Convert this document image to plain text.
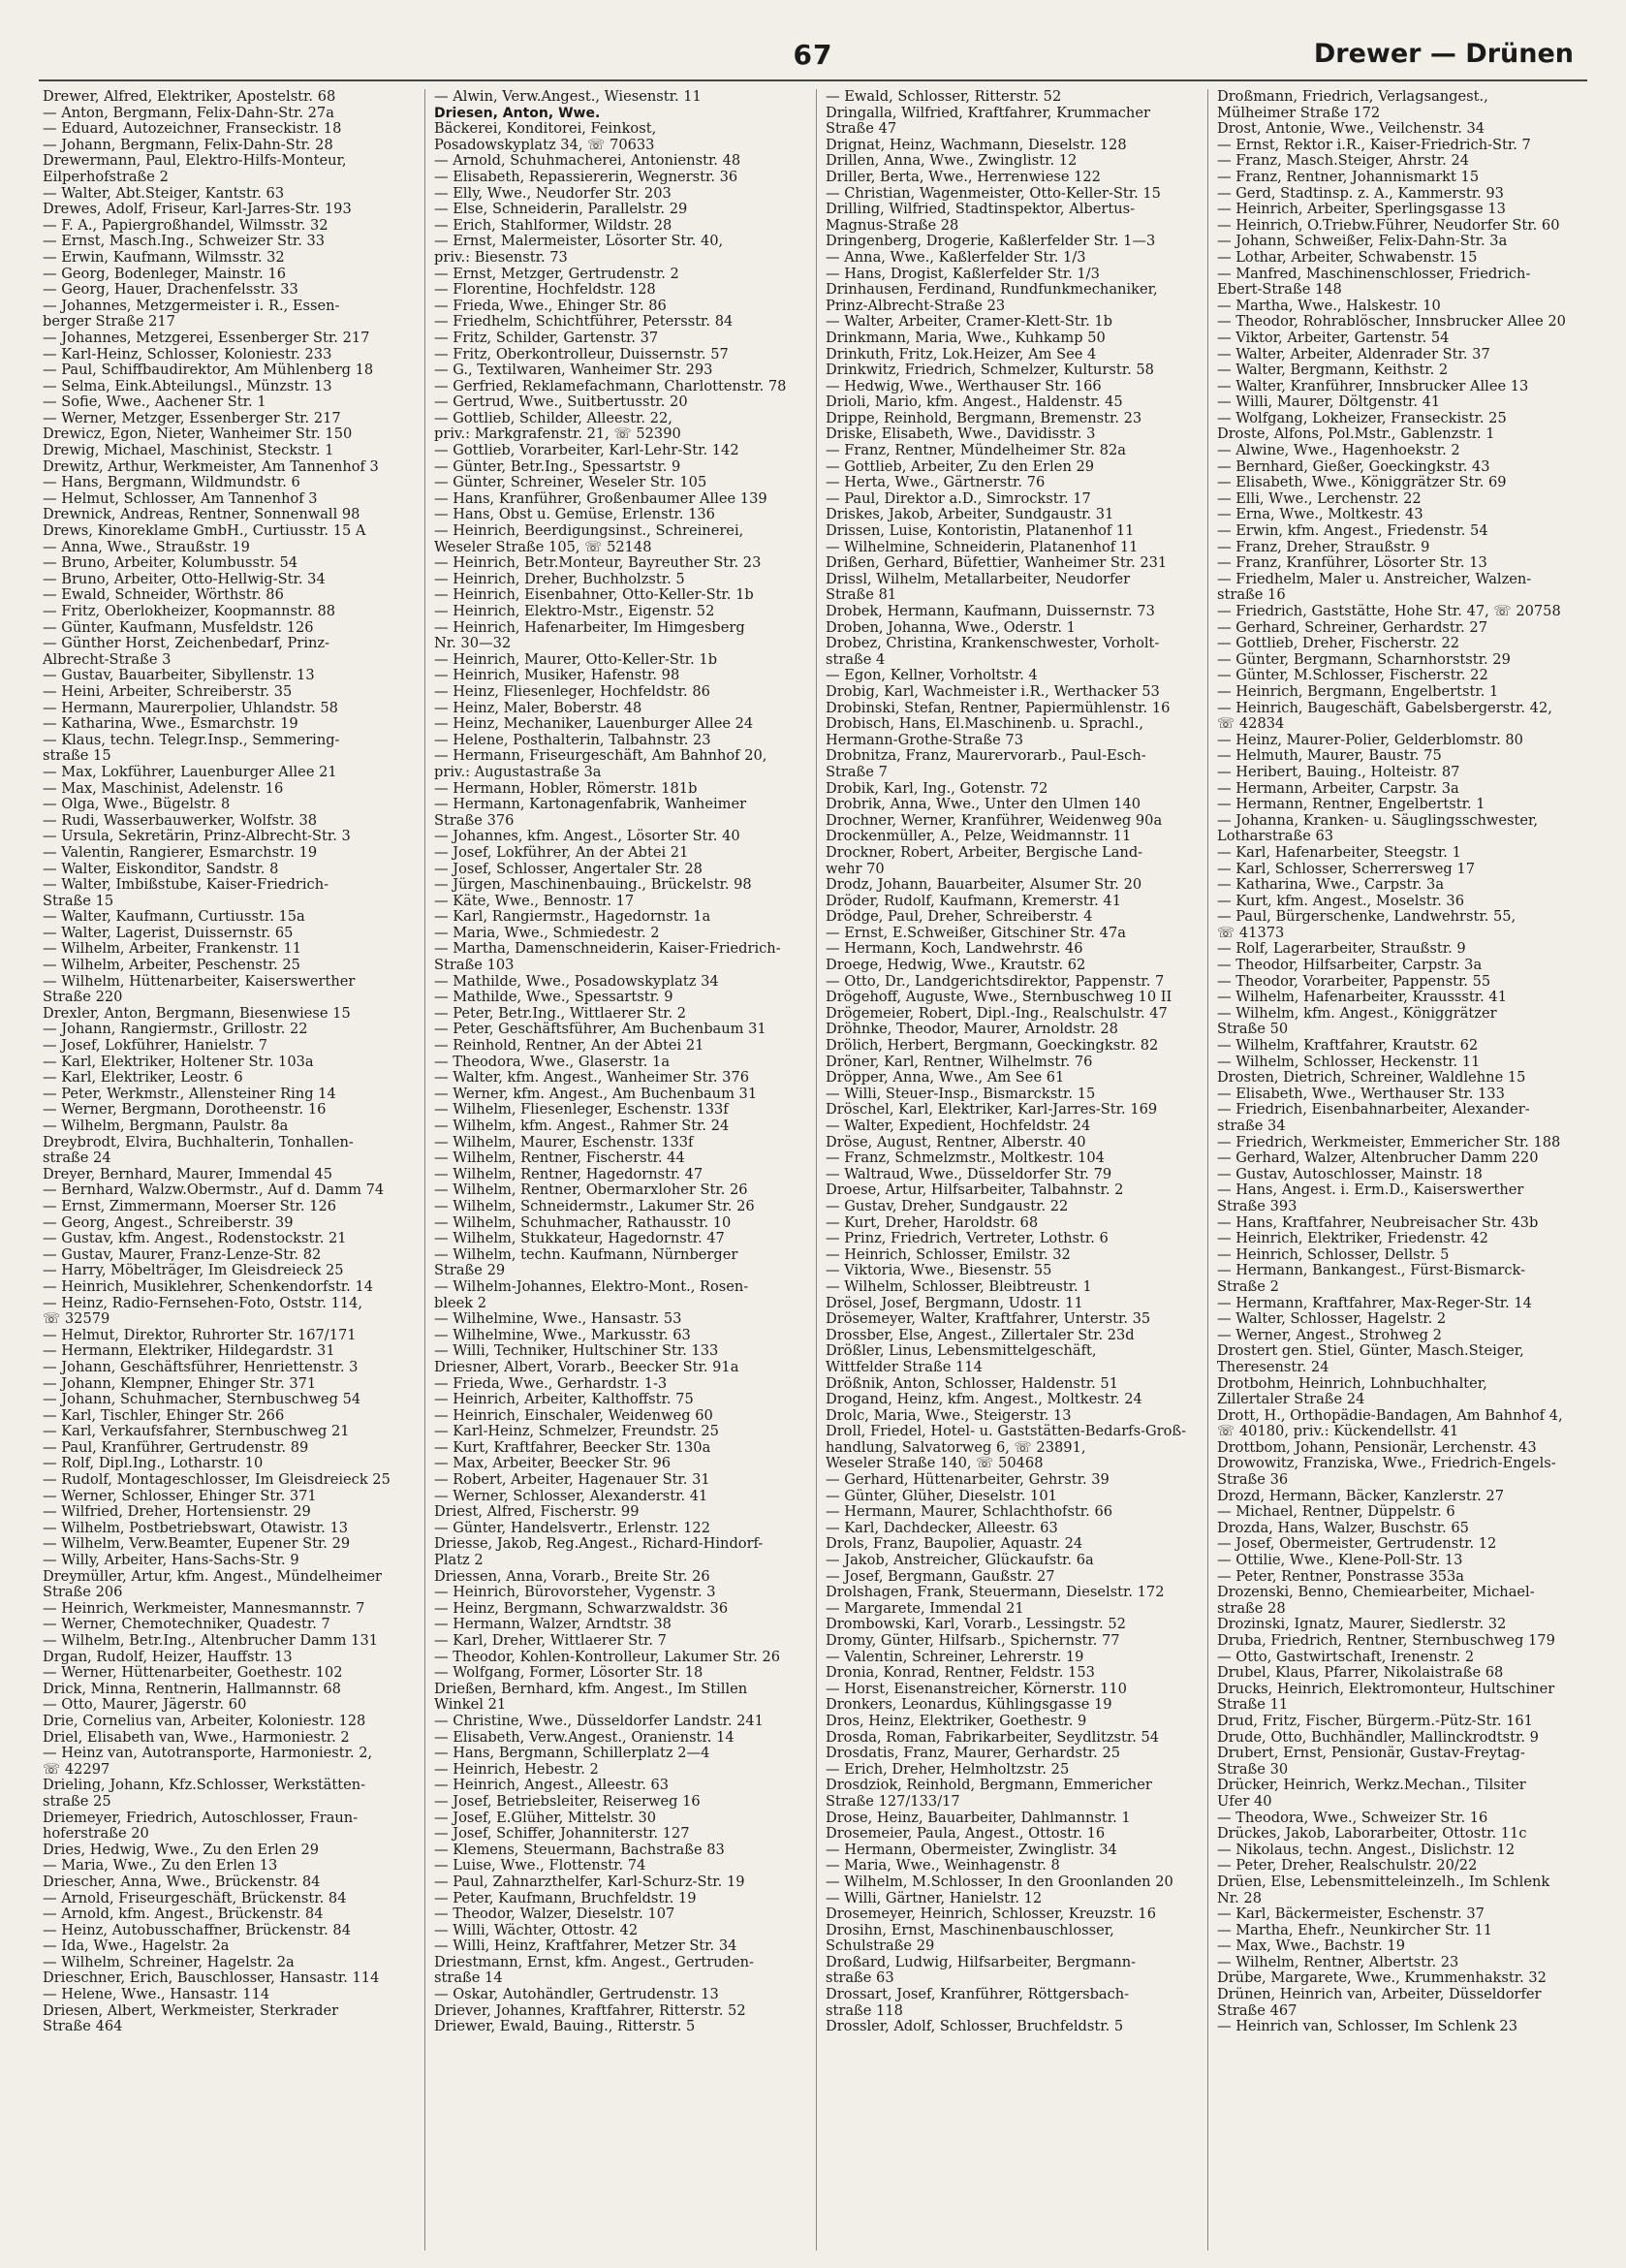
67	Drewer — Drünen
Drewer, Alfred, Elektriker, Apostelstr. 68
— Anton, Bergmann, Felix-Dahn-Str. 27a
— Eduard, Autozeichner, Franseckistr. 18
— Johann, Bergmann, Felix-Dahn-Str. 28
Drewermann, Paul, Elektro-Hilfs-Monteur,
Eilperhofstraße 2
— Walter, Abt.Steiger, Kantstr. 63
Drewes, Adolf, Friseur, Karl-Jarres-Str. 193
— F. A., Papiergroßhandel, Wilmsstr. 32
— Ernst, Masch.Ing., Schweizer Str. 33
— Erwin, Kaufmann, Wilmsstr. 32
— Georg, Bodenleger, Mainstr. 16
— Georg, Hauer, Drachenfelsstr. 33
— Johannes, Metzgermeister i. R., Essen-
berger Straße 217
— Johannes, Metzgerei, Essenberger Str. 217
— Karl-Heinz, Schlosser, Koloniestr. 233
— Paul, Schiffbaudirektor, Am Mühlenberg 18
— Selma, Eink.Abteilungsl., Münzstr. 13
— Sofie, Wwe., Aachener Str. 1
— Werner, Metzger, Essenberger Str. 217
Drewicz, Egon, Nieter, Wanheimer Str. 150
Drewig, Michael, Maschinist, Steckstr. 1
Drewitz, Arthur, Werkmeister, Am Tannenhof 3
— Hans, Bergmann, Wildmundstr. 6
— Helmut, Schlosser, Am Tannenhof 3
Drewnick, Andreas, Rentner, Sonnenwall 98
Drews, Kinoreklame GmbH., Curtiusstr. 15 A
— Anna, Wwe., Straußstr. 19
— Bruno, Arbeiter, Kolumbusstr. 54
— Bruno, Arbeiter, Otto-Hellwig-Str. 34
— Ewald, Schneider, Wörthstr. 86
— Fritz, Oberlokheizer, Koopmannstr. 88
— Günter, Kaufmann, Musfeldstr. 126
— Günther Horst, Zeichenbedarf, Prinz-
Albrecht-Straße 3
— Gustav, Bauarbeiter, Sibyllenstr. 13
— Heini, Arbeiter, Schreiberstr. 35
— Hermann, Maurerpolier, Uhlandstr. 58
— Katharina, Wwe., Esmarchstr. 19
— Klaus, techn. Telegr.Insp., Semmering-
straße 15
— Max, Lokführer, Lauenburger Allee 21
— Max, Maschinist, Adelenstr. 16
— Olga, Wwe., Bügelstr. 8
— Rudi, Wasserbauwerker, Wolfstr. 38
— Ursula, Sekretärin, Prinz-Albrecht-Str. 3
— Valentin, Rangierer, Esmarchstr. 19
— Walter, Eiskonditor, Sandstr. 8
— Walter, Imbißstube, Kaiser-Friedrich-
Straße 15
— Walter, Kaufmann, Curtiusstr. 15a
— Walter, Lagerist, Duissernstr. 65
— Wilhelm, Arbeiter, Frankenstr. 11
— Wilhelm, Arbeiter, Peschenstr. 25
— Wilhelm, Hüttenarbeiter, Kaiserswerther
Straße 220
Drexler, Anton, Bergmann, Biesenwiese 15
— Johann, Rangiermstr., Grillostr. 22
— Josef, Lokführer, Hanielstr. 7
— Karl, Elektriker, Holtener Str. 103a
— Karl, Elektriker, Leostr. 6
— Peter, Werkmstr., Allensteiner Ring 14
— Werner, Bergmann, Dorotheenstr. 16
— Wilhelm, Bergmann, Paulstr. 8a
Dreybrodt, Elvira, Buchhalterin, Tonhallen-
straße 24
Dreyer, Bernhard, Maurer, Immendal 45
— Bernhard, Walzw.Obermstr., Auf d. Damm 74
— Ernst, Zimmermann, Moerser Str. 126
— Georg, Angest., Schreiberstr. 39
— Gustav, kfm. Angest., Rodenstockstr. 21
— Gustav, Maurer, Franz-Lenze-Str. 82
— Harry, Möbelträger, Im Gleisdreieck 25
— Heinrich, Musiklehrer, Schenkendorfstr. 14
— Heinz, Radio-Fernsehen-Foto, Oststr. 114,
☏ 32579
— Helmut, Direktor, Ruhrorter Str. 167/171
— Hermann, Elektriker, Hildegardstr. 31
— Johann, Geschäftsführer, Henriettenstr. 3
— Johann, Klempner, Ehinger Str. 371
— Johann, Schuhmacher, Sternbuschweg 54
— Karl, Tischler, Ehinger Str. 266
— Karl, Verkaufsfahrer, Sternbuschweg 21
— Paul, Kranführer, Gertrudenstr. 89
— Rolf, Dipl.Ing., Lotharstr. 10
— Rudolf, Montageschlosser, Im Gleisdreieck 25
— Werner, Schlosser, Ehinger Str. 371
— Wilfried, Dreher, Hortensienstr. 29
— Wilhelm, Postbetriebswart, Otawistr. 13
— Wilhelm, Verw.Beamter, Eupener Str. 29
— Willy, Arbeiter, Hans-Sachs-Str. 9
Dreymüller, Artur, kfm. Angest., Mündelheimer
Straße 206
— Heinrich, Werkmeister, Mannesmannstr. 7
— Werner, Chemotechniker, Quadestr. 7
— Wilhelm, Betr.Ing., Altenbrucher Damm 131
Drgan, Rudolf, Heizer, Hauffstr. 13
— Werner, Hüttenarbeiter, Goethestr. 102
Drick, Minna, Rentnerin, Hallmannstr. 68
— Otto, Maurer, Jägerstr. 60
Drie, Cornelius van, Arbeiter, Koloniestr. 128
Driel, Elisabeth van, Wwe., Harmoniestr. 2
— Heinz van, Autotransporte, Harmoniestr. 2,
☏ 42297
Drieling, Johann, Kfz.Schlosser, Werkstätten-
straße 25
Driemeyer, Friedrich, Autoschlosser, Fraun-
hoferstraße 20
Dries, Hedwig, Wwe., Zu den Erlen 29
— Maria, Wwe., Zu den Erlen 13
Driescher, Anna, Wwe., Brückenstr. 84
— Arnold, Friseurgeschäft, Brückenstr. 84
— Arnold, kfm. Angest., Brückenstr. 84
— Heinz, Autobusschaffner, Brückenstr. 84
— Ida, Wwe., Hagelstr. 2a
— Wilhelm, Schreiner, Hagelstr. 2a
Drieschner, Erich, Bauschlosser, Hansastr. 114
— Helene, Wwe., Hansastr. 114
Driesen, Albert, Werkmeister, Sterkrader
Straße 464
— Alwin, Verw.Angest., Wiesenstr. 11
Driesen, Anton, Wwe.
Bäckerei, Konditorei, Feinkost,
Posadowskyplatz 34, ☏ 70633
— Arnold, Schuhmacherei, Antonienstr. 48
— Elisabeth, Repassiererin, Wegnerstr. 36
— Elly, Wwe., Neudorfer Str. 203
— Else, Schneiderin, Parallelstr. 29
— Erich, Stahlformer, Wildstr. 28
— Ernst, Malermeister, Lösorter Str. 40,
priv.: Biesenstr. 73
— Ernst, Metzger, Gertrudenstr. 2
— Florentine, Hochfeldstr. 128
— Frieda, Wwe., Ehinger Str. 86
— Friedhelm, Schichtführer, Petersstr. 84
— Fritz, Schilder, Gartenstr. 37
— Fritz, Oberkontrolleur, Duissernstr. 57
— G., Textilwaren, Wanheimer Str. 293
— Gerfried, Reklamefachmann, Charlottenstr. 78
— Gertrud, Wwe., Suitbertusstr. 20
— Gottlieb, Schilder, Alleestr. 22,
priv.: Markgrafenstr. 21, ☏ 52390
— Gottlieb, Vorarbeiter, Karl-Lehr-Str. 142
— Günter, Betr.Ing., Spessartstr. 9
— Günter, Schreiner, Weseler Str. 105
— Hans, Kranführer, Großenbaumer Allee 139
— Hans, Obst u. Gemüse, Erlenstr. 136
— Heinrich, Beerdigungsinst., Schreinerei,
Weseler Straße 105, ☏ 52148
— Heinrich, Betr.Monteur, Bayreuther Str. 23
— Heinrich, Dreher, Buchholzstr. 5
— Heinrich, Eisenbahner, Otto-Keller-Str. 1b
— Heinrich, Elektro-Mstr., Eigenstr. 52
— Heinrich, Hafenarbeiter, Im Himgesberg
Nr. 30—32
— Heinrich, Maurer, Otto-Keller-Str. 1b
— Heinrich, Musiker, Hafenstr. 98
— Heinz, Fliesenleger, Hochfeldstr. 86
— Heinz, Maler, Boberstr. 48
— Heinz, Mechaniker, Lauenburger Allee 24
— Helene, Posthalterin, Talbahnstr. 23
— Hermann, Friseurgeschäft, Am Bahnhof 20,
priv.: Augustastraße 3a
— Hermann, Hobler, Römerstr. 181b
— Hermann, Kartonagenfabrik, Wanheimer
Straße 376
— Johannes, kfm. Angest., Lösorter Str. 40
— Josef, Lokführer, An der Abtei 21
— Josef, Schlosser, Angertaler Str. 28
— Jürgen, Maschinenbauing., Brückelstr. 98
— Käte, Wwe., Bennostr. 17
— Karl, Rangiermstr., Hagedornstr. 1a
— Maria, Wwe., Schmiedestr. 2
— Martha, Damenschneiderin, Kaiser-Friedrich-
Straße 103
— Mathilde, Wwe., Posadowskyplatz 34
— Mathilde, Wwe., Spessartstr. 9
— Peter, Betr.Ing., Wittlaerer Str. 2
— Peter, Geschäftsführer, Am Buchenbaum 31
— Reinhold, Rentner, An der Abtei 21
— Theodora, Wwe., Glaserstr. 1a
— Walter, kfm. Angest., Wanheimer Str. 376
— Werner, kfm. Angest., Am Buchenbaum 31
— Wilhelm, Fliesenleger, Eschenstr. 133f
— Wilhelm, kfm. Angest., Rahmer Str. 24
— Wilhelm, Maurer, Eschenstr. 133f
— Wilhelm, Rentner, Fischerstr. 44
— Wilhelm, Rentner, Hagedornstr. 47
— Wilhelm, Rentner, Obermarxloher Str. 26
— Wilhelm, Schneidermstr., Lakumer Str. 26
— Wilhelm, Schuhmacher, Rathausstr. 10
— Wilhelm, Stukkateur, Hagedornstr. 47
— Wilhelm, techn. Kaufmann, Nürnberger
Straße 29
— Wilhelm-Johannes, Elektro-Mont., Rosen-
bleek 2
— Wilhelmine, Wwe., Hansastr. 53
— Wilhelmine, Wwe., Markusstr. 63
— Willi, Techniker, Hultschiner Str. 133
Driesner, Albert, Vorarb., Beecker Str. 91a
— Frieda, Wwe., Gerhardstr. 1-3
— Heinrich, Arbeiter, Kalthoffstr. 75
— Heinrich, Einschaler, Weidenweg 60
— Karl-Heinz, Schmelzer, Freundstr. 25
— Kurt, Kraftfahrer, Beecker Str. 130a
— Max, Arbeiter, Beecker Str. 96
— Robert, Arbeiter, Hagenauer Str. 31
— Werner, Schlosser, Alexanderstr. 41
Driest, Alfred, Fischerstr. 99
— Günter, Handelsvertr., Erlenstr. 122
Driesse, Jakob, Reg.Angest., Richard-Hindorf-
Platz 2
Driessen, Anna, Vorarb., Breite Str. 26
— Heinrich, Bürovorsteher, Vygenstr. 3
— Heinz, Bergmann, Schwarzwaldstr. 36
— Hermann, Walzer, Arndtstr. 38
— Karl, Dreher, Wittlaerer Str. 7
— Theodor, Kohlen-Kontrolleur, Lakumer Str. 26
— Wolfgang, Former, Lösorter Str. 18
Drießen, Bernhard, kfm. Angest., Im Stillen
Winkel 21
— Christine, Wwe., Düsseldorfer Landstr. 241
— Elisabeth, Verw.Angest., Oranienstr. 14
— Hans, Bergmann, Schillerplatz 2—4
— Heinrich, Hebestr. 2
— Heinrich, Angest., Alleestr. 63
— Josef, Betriebsleiter, Reiserweg 16
— Josef, E.Glüher, Mittelstr. 30
— Josef, Schiffer, Johanniterstr. 127
— Klemens, Steuermann, Bachstraße 83
— Luise, Wwe., Flottenstr. 74
— Paul, Zahnarzthelfer, Karl-Schurz-Str. 19
— Peter, Kaufmann, Bruchfeldstr. 19
— Theodor, Walzer, Dieselstr. 107
— Willi, Wächter, Ottostr. 42
— Willi, Heinz, Kraftfahrer, Metzer Str. 34
Driestmann, Ernst, kfm. Angest., Gertruden-
straße 14
— Oskar, Autohändler, Gertrudenstr. 13
Driever, Johannes, Kraftfahrer, Ritterstr. 52
Driewer, Ewald, Bauing., Ritterstr. 5
— Ewald, Schlosser, Ritterstr. 52
Dringalla, Wilfried, Kraftfahrer, Krummacher
Straße 47
Drignat, Heinz, Wachmann, Dieselstr. 128
Drillen, Anna, Wwe., Zwinglistr. 12
Driller, Berta, Wwe., Herrenwiese 122
— Christian, Wagenmeister, Otto-Keller-Str. 15
Drilling, Wilfried, Stadtinspektor, Albertus-
Magnus-Straße 28
Dringenberg, Drogerie, Kaßlerfelder Str. 1—3
— Anna, Wwe., Kaßlerfelder Str. 1/3
— Hans, Drogist, Kaßlerfelder Str. 1/3
Drinhausen, Ferdinand, Rundfunkmechaniker,
Prinz-Albrecht-Straße 23
— Walter, Arbeiter, Cramer-Klett-Str. 1b
Drinkmann, Maria, Wwe., Kuhkamp 50
Drinkuth, Fritz, Lok.Heizer, Am See 4
Drinkwitz, Friedrich, Schmelzer, Kulturstr. 58
— Hedwig, Wwe., Werthauser Str. 166
Drioli, Mario, kfm. Angest., Haldenstr. 45
Drippe, Reinhold, Bergmann, Bremenstr. 23
Driske, Elisabeth, Wwe., Davidisstr. 3
— Franz, Rentner, Mündelheimer Str. 82a
— Gottlieb, Arbeiter, Zu den Erlen 29
— Herta, Wwe., Gärtnerstr. 76
— Paul, Direktor a.D., Simrockstr. 17
Driskes, Jakob, Arbeiter, Sundgaustr. 31
Drissen, Luise, Kontoristin, Platanenhof 11
— Wilhelmine, Schneiderin, Platanenhof 11
Drißen, Gerhard, Büfettier, Wanheimer Str. 231
Drissl, Wilhelm, Metallarbeiter, Neudorfer
Straße 81
Drobek, Hermann, Kaufmann, Duissernstr. 73
Droben, Johanna, Wwe., Oderstr. 1
Drobez, Christina, Krankenschwester, Vorholt-
straße 4
— Egon, Kellner, Vorholtstr. 4
Drobig, Karl, Wachmeister i.R., Werthacker 53
Drobinski, Stefan, Rentner, Papiermühlenstr. 16
Drobisch, Hans, El.Maschinenb. u. Sprachl.,
Hermann-Grothe-Straße 73
Drobnitza, Franz, Maurervorarb., Paul-Esch-
Straße 7
Drobik, Karl, Ing., Gotenstr. 72
Drobrik, Anna, Wwe., Unter den Ulmen 140
Drochner, Werner, Kranführer, Weidenweg 90a
Drockenmüller, A., Pelze, Weidmannstr. 11
Drockner, Robert, Arbeiter, Bergische Land-
wehr 70
Drodz, Johann, Bauarbeiter, Alsumer Str. 20
Dröder, Rudolf, Kaufmann, Kremerstr. 41
Drödge, Paul, Dreher, Schreiberstr. 4
— Ernst, E.Schweißer, Gitschiner Str. 47a
— Hermann, Koch, Landwehrstr. 46
Droege, Hedwig, Wwe., Krautstr. 62
— Otto, Dr., Landgerichtsdirektor, Pappenstr. 7
Drögehoff, Auguste, Wwe., Sternbuschweg 10 II
Drögemeier, Robert, Dipl.-Ing., Realschulstr. 47
Dröhnke, Theodor, Maurer, Arnoldstr. 28
Drölich, Herbert, Bergmann, Goeckingkstr. 82
Dröner, Karl, Rentner, Wilhelmstr. 76
Dröpper, Anna, Wwe., Am See 61
— Willi, Steuer-Insp., Bismarckstr. 15
Dröschel, Karl, Elektriker, Karl-Jarres-Str. 169
— Walter, Expedient, Hochfeldstr. 24
Dröse, August, Rentner, Alberstr. 40
— Franz, Schmelzmstr., Moltkestr. 104
— Waltraud, Wwe., Düsseldorfer Str. 79
Droese, Artur, Hilfsarbeiter, Talbahnstr. 2
— Gustav, Dreher, Sundgaustr. 22
— Kurt, Dreher, Haroldstr. 68
— Prinz, Friedrich, Vertreter, Lothstr. 6
— Heinrich, Schlosser, Emilstr. 32
— Viktoria, Wwe., Biesenstr. 55
— Wilhelm, Schlosser, Bleibtreustr. 1
Drösel, Josef, Bergmann, Udostr. 11
Drösemeyer, Walter, Kraftfahrer, Unterstr. 35
Drossber, Else, Angest., Zillertaler Str. 23d
Drößler, Linus, Lebensmittelgeschäft,
Wittfelder Straße 114
Drößnik, Anton, Schlosser, Haldenstr. 51
Drogand, Heinz, kfm. Angest., Moltkestr. 24
Drolc, Maria, Wwe., Steigerstr. 13
Droll, Friedel, Hotel- u. Gaststätten-Bedarfs-Groß-
handlung, Salvatorweg 6, ☏ 23891,
Weseler Straße 140, ☏ 50468
— Gerhard, Hüttenarbeiter, Gehrstr. 39
— Günter, Glüher, Dieselstr. 101
— Hermann, Maurer, Schlachthofstr. 66
— Karl, Dachdecker, Alleestr. 63
Drols, Franz, Baupolier, Aquastr. 24
— Jakob, Anstreicher, Glückaufstr. 6a
— Josef, Bergmann, Gaußstr. 27
Drolshagen, Frank, Steuermann, Dieselstr. 172
— Margarete, Immendal 21
Drombowski, Karl, Vorarb., Lessingstr. 52
Dromy, Günter, Hilfsarb., Spichernstr. 77
— Valentin, Schreiner, Lehrerstr. 19
Dronia, Konrad, Rentner, Feldstr. 153
— Horst, Eisenanstreicher, Körnerstr. 110
Dronkers, Leonardus, Kühlingsgasse 19
Dros, Heinz, Elektriker, Goethestr. 9
Drosda, Roman, Fabrikarbeiter, Seydlitzstr. 54
Drosdatis, Franz, Maurer, Gerhardstr. 25
— Erich, Dreher, Helmholtzstr. 25
Drosdziok, Reinhold, Bergmann, Emmericher
Straße 127/133/17
Drose, Heinz, Bauarbeiter, Dahlmannstr. 1
Drosemeier, Paula, Angest., Ottostr. 16
— Hermann, Obermeister, Zwinglistr. 34
— Maria, Wwe., Weinhagenstr. 8
— Wilhelm, M.Schlosser, In den Groonlanden 20
— Willi, Gärtner, Hanielstr. 12
Drosemeyer, Heinrich, Schlosser, Kreuzstr. 16
Drosihn, Ernst, Maschinenbauschlosser,
Schulstraße 29
Droßard, Ludwig, Hilfsarbeiter, Bergmann-
straße 63
Drossart, Josef, Kranführer, Röttgersbach-
straße 118
Drossler, Adolf, Schlosser, Bruchfeldstr. 5
Droßmann, Friedrich, Verlagsangest.,
Mülheimer Straße 172
Drost, Antonie, Wwe., Veilchenstr. 34
— Ernst, Rektor i.R., Kaiser-Friedrich-Str. 7
— Franz, Masch.Steiger, Ahrstr. 24
— Franz, Rentner, Johannismarkt 15
— Gerd, Stadtinsp. z. A., Kammerstr. 93
— Heinrich, Arbeiter, Sperlingsgasse 13
— Heinrich, O.Triebw.Führer, Neudorfer Str. 60
— Johann, Schweißer, Felix-Dahn-Str. 3a
— Lothar, Arbeiter, Schwabenstr. 15
— Manfred, Maschinenschlosser, Friedrich-
Ebert-Straße 148
— Martha, Wwe., Halskestr. 10
— Theodor, Rohrablöscher, Innsbrucker Allee 20
— Viktor, Arbeiter, Gartenstr. 54
— Walter, Arbeiter, Aldenrader Str. 37
— Walter, Bergmann, Keithstr. 2
— Walter, Kranführer, Innsbrucker Allee 13
— Willi, Maurer, Döltgenstr. 41
— Wolfgang, Lokheizer, Franseckistr. 25
Droste, Alfons, Pol.Mstr., Gablenzstr. 1
— Alwine, Wwe., Hagenhoekstr. 2
— Bernhard, Gießer, Goeckingkstr. 43
— Elisabeth, Wwe., Königgrätzer Str. 69
— Elli, Wwe., Lerchenstr. 22
— Erna, Wwe., Moltkestr. 43
— Erwin, kfm. Angest., Friedenstr. 54
— Franz, Dreher, Straußstr. 9
— Franz, Kranführer, Lösorter Str. 13
— Friedhelm, Maler u. Anstreicher, Walzen-
straße 16
— Friedrich, Gaststätte, Hohe Str. 47, ☏ 20758
— Gerhard, Schreiner, Gerhardstr. 27
— Gottlieb, Dreher, Fischerstr. 22
— Günter, Bergmann, Scharnhorststr. 29
— Günter, M.Schlosser, Fischerstr. 22
— Heinrich, Bergmann, Engelbertstr. 1
— Heinrich, Baugeschäft, Gabelsbergerstr. 42,
☏ 42834
— Heinz, Maurer-Polier, Gelderblomstr. 80
— Helmuth, Maurer, Baustr. 75
— Heribert, Bauing., Holteistr. 87
— Hermann, Arbeiter, Carpstr. 3a
— Hermann, Rentner, Engelbertstr. 1
— Johanna, Kranken- u. Säuglingsschwester,
Lotharstraße 63
— Karl, Hafenarbeiter, Steegstr. 1
— Karl, Schlosser, Scherrersweg 17
— Katharina, Wwe., Carpstr. 3a
— Kurt, kfm. Angest., Moselstr. 36
— Paul, Bürgerschenke, Landwehrstr. 55,
☏ 41373
— Rolf, Lagerarbeiter, Straußstr. 9
— Theodor, Hilfsarbeiter, Carpstr. 3a
— Theodor, Vorarbeiter, Pappenstr. 55
— Wilhelm, Hafenarbeiter, Kraussstr. 41
— Wilhelm, kfm. Angest., Königgrätzer
Straße 50
— Wilhelm, Kraftfahrer, Krautstr. 62
— Wilhelm, Schlosser, Heckenstr. 11
Drosten, Dietrich, Schreiner, Waldlehne 15
— Elisabeth, Wwe., Werthauser Str. 133
— Friedrich, Eisenbahnarbeiter, Alexander-
straße 34
— Friedrich, Werkmeister, Emmericher Str. 188
— Gerhard, Walzer, Altenbrucher Damm 220
— Gustav, Autoschlosser, Mainstr. 18
— Hans, Angest. i. Erm.D., Kaiserswerther
Straße 393
— Hans, Kraftfahrer, Neubreisacher Str. 43b
— Heinrich, Elektriker, Friedenstr. 42
— Heinrich, Schlosser, Dellstr. 5
— Hermann, Bankangest., Fürst-Bismarck-
Straße 2
— Hermann, Kraftfahrer, Max-Reger-Str. 14
— Walter, Schlosser, Hagelstr. 2
— Werner, Angest., Strohweg 2
Drostert gen. Stiel, Günter, Masch.Steiger,
Theresenstr. 24
Drotbohm, Heinrich, Lohnbuchhalter,
Zillertaler Straße 24
Drott, H., Orthopädie-Bandagen, Am Bahnhof 4,
☏ 40180, priv.: Kückendellstr. 41
Drottbom, Johann, Pensionär, Lerchenstr. 43
Drowowitz, Franziska, Wwe., Friedrich-Engels-
Straße 36
Drozd, Hermann, Bäcker, Kanzlerstr. 27
— Michael, Rentner, Düppelstr. 6
Drozda, Hans, Walzer, Buschstr. 65
— Josef, Obermeister, Gertrudenstr. 12
— Ottilie, Wwe., Klene-Poll-Str. 13
— Peter, Rentner, Ponstrasse 353a
Drozenski, Benno, Chemiearbeiter, Michael-
straße 28
Drozinski, Ignatz, Maurer, Siedlerstr. 32
Druba, Friedrich, Rentner, Sternbuschweg 179
— Otto, Gastwirtschaft, Irenenstr. 2
Drubel, Klaus, Pfarrer, Nikolaistraße 68
Drucks, Heinrich, Elektromonteur, Hultschiner
Straße 11
Drud, Fritz, Fischer, Bürgerm.-Pütz-Str. 161
Drude, Otto, Buchhändler, Mallinckrodtstr. 9
Drubert, Ernst, Pensionär, Gustav-Freytag-
Straße 30
Drücker, Heinrich, Werkz.Mechan., Tilsiter
Ufer 40
— Theodora, Wwe., Schweizer Str. 16
Drückes, Jakob, Laborarbeiter, Ottostr. 11c
— Nikolaus, techn. Angest., Dislichstr. 12
— Peter, Dreher, Realschulstr. 20/22
Drüen, Else, Lebensmitteleinzelh., Im Schlenk
Nr. 28
— Karl, Bäckermeister, Eschenstr. 37
— Martha, Ehefr., Neunkircher Str. 11
— Max, Wwe., Bachstr. 19
— Wilhelm, Rentner, Albertstr. 23
Drübe, Margarete, Wwe., Krummenhakstr. 32
Drünen, Heinrich van, Arbeiter, Düsseldorfer
Straße 467
— Heinrich van, Schlosser, Im Schlenk 23
